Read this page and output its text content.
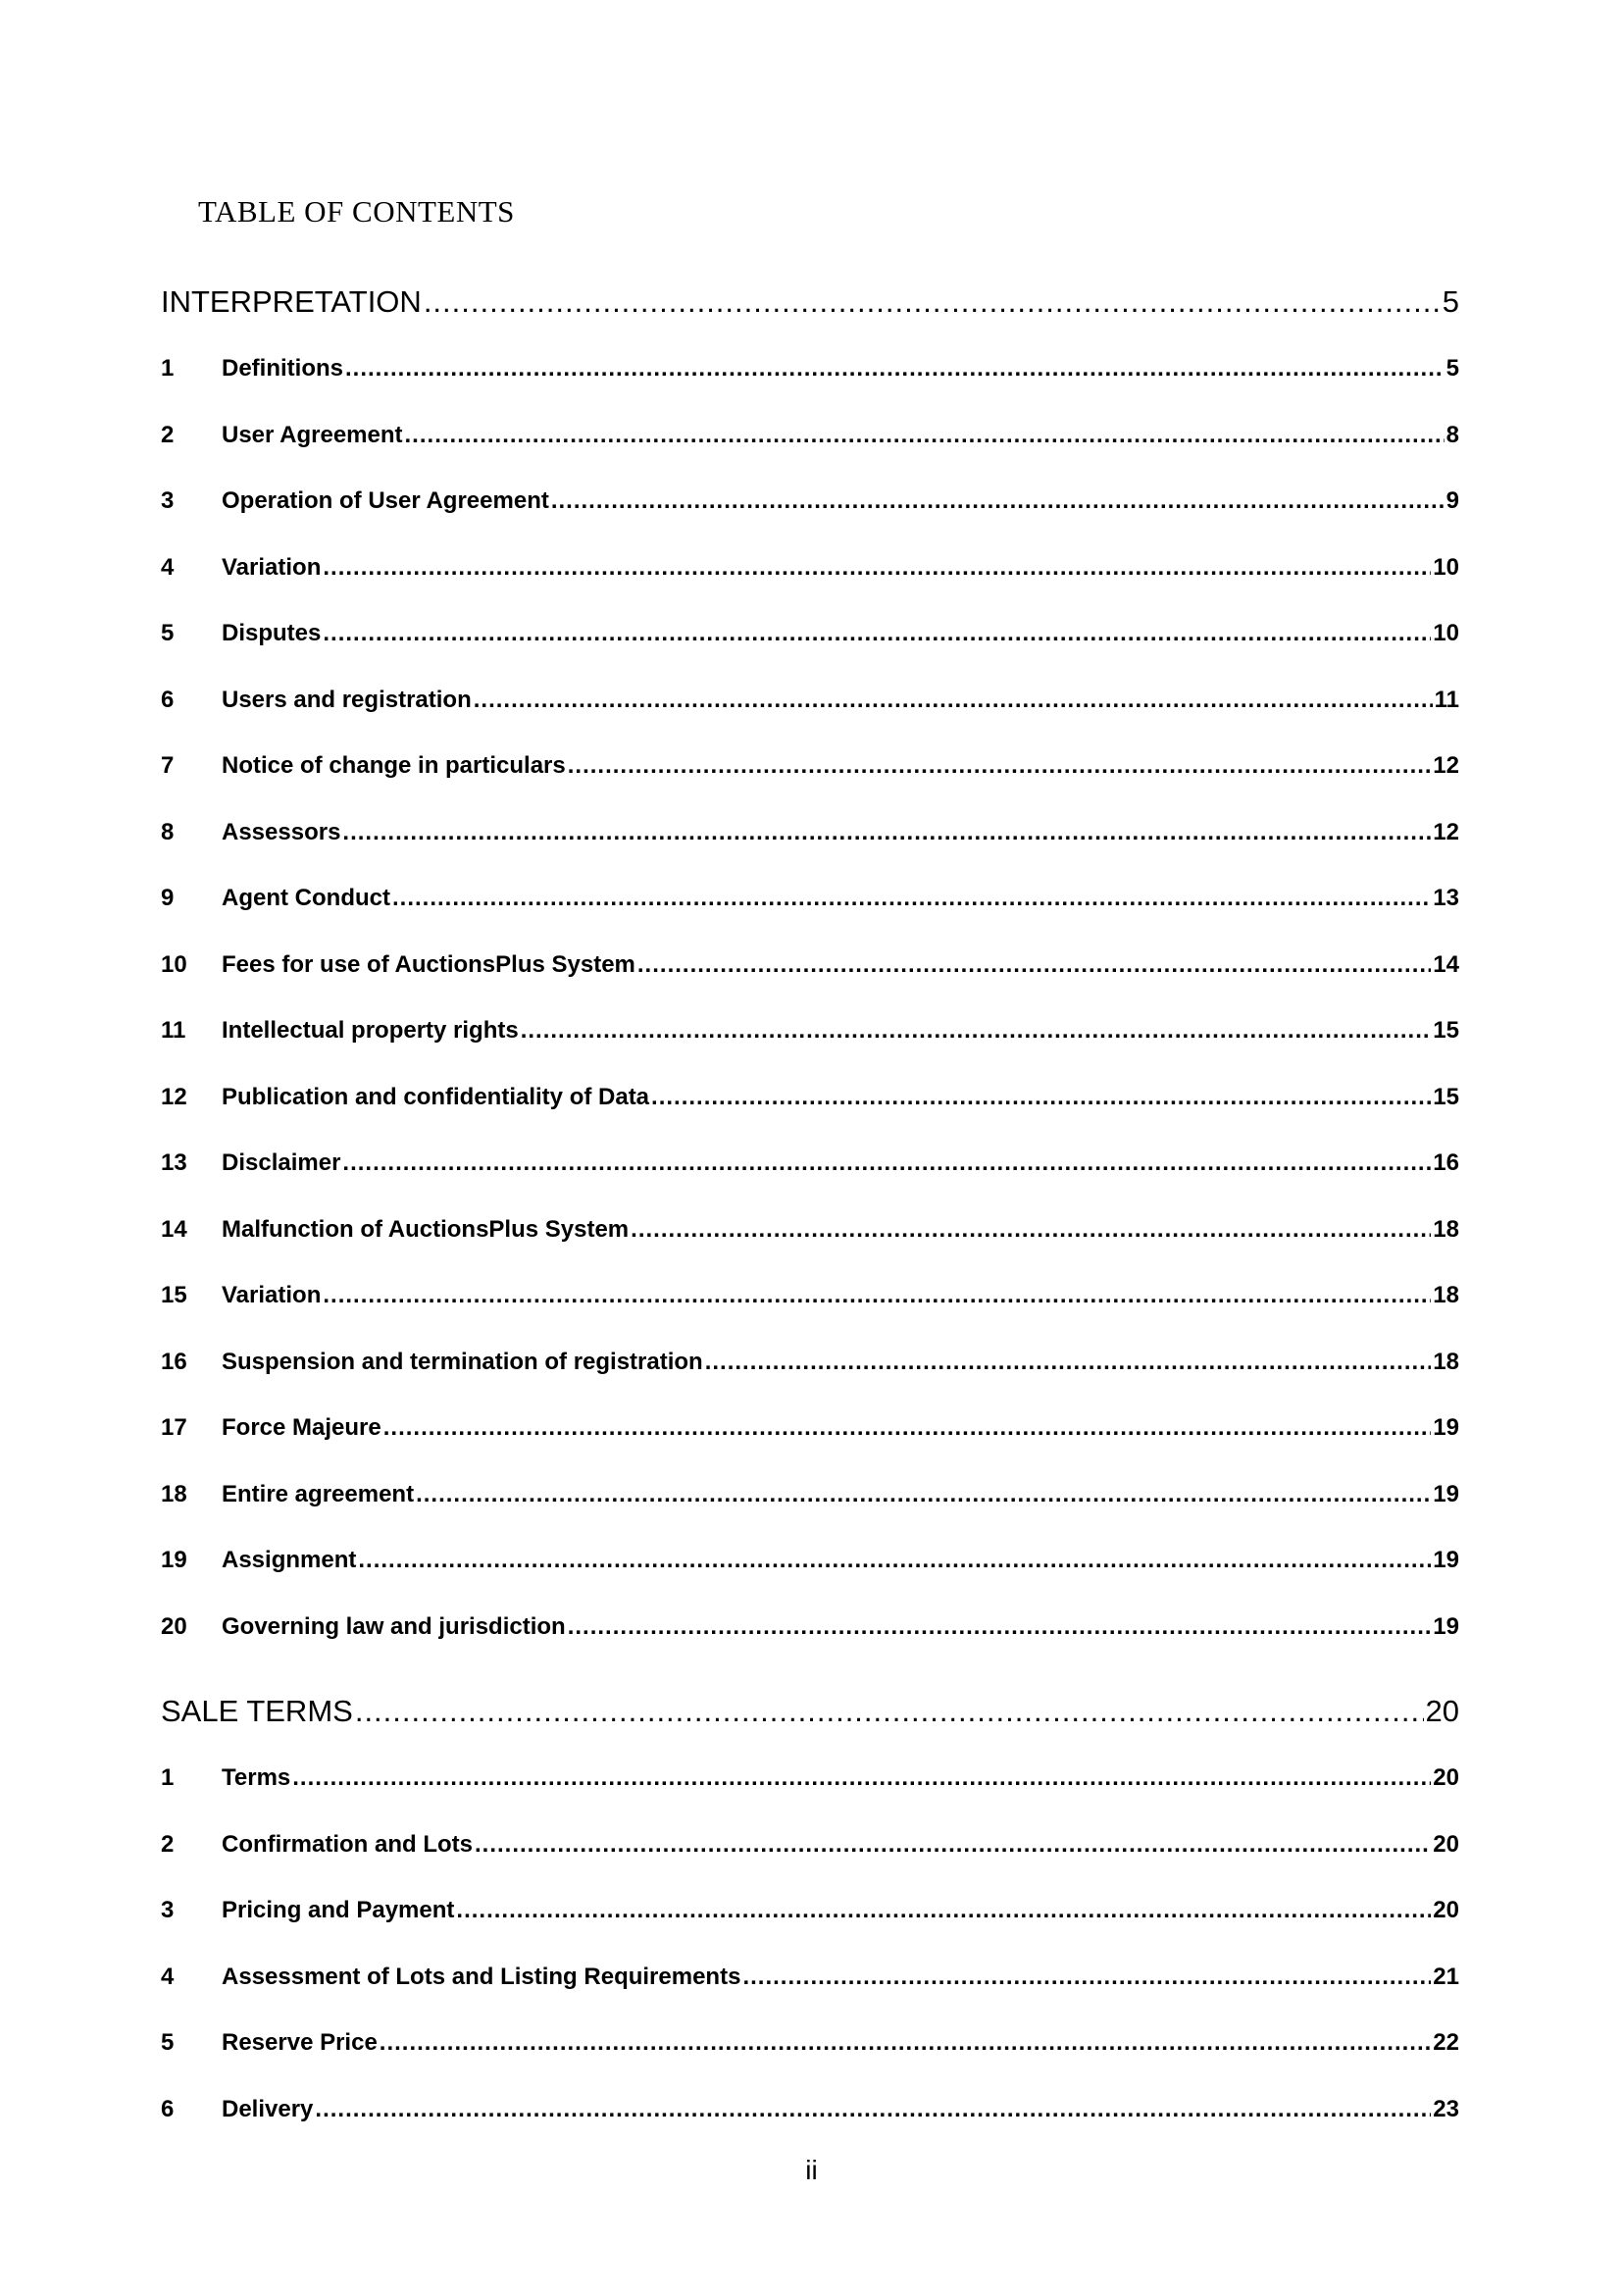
TABLE OF CONTENTS
INTERPRETATION .....	5
1	Definitions .....	5
2	User Agreement .....	8
3	Operation of User Agreement .....	9
4	Variation .....	10
5	Disputes .....	10
6	Users and registration .....	11
7	Notice of change in particulars .....	12
8	Assessors .....	12
9	Agent Conduct .....	13
10	Fees for use of AuctionsPlus System .....	14
11	Intellectual property rights .....	15
12	Publication and confidentiality of Data .....	15
13	Disclaimer .....	16
14	Malfunction of AuctionsPlus System .....	18
15	Variation .....	18
16	Suspension and termination of registration .....	18
17	Force Majeure .....	19
18	Entire agreement .....	19
19	Assignment .....	19
20	Governing law and jurisdiction .....	19
SALE TERMS .....	20
1	Terms .....	20
2	Confirmation and Lots .....	20
3	Pricing and Payment .....	20
4	Assessment of Lots and Listing Requirements .....	21
5	Reserve Price .....	22
6	Delivery .....	23
ii
